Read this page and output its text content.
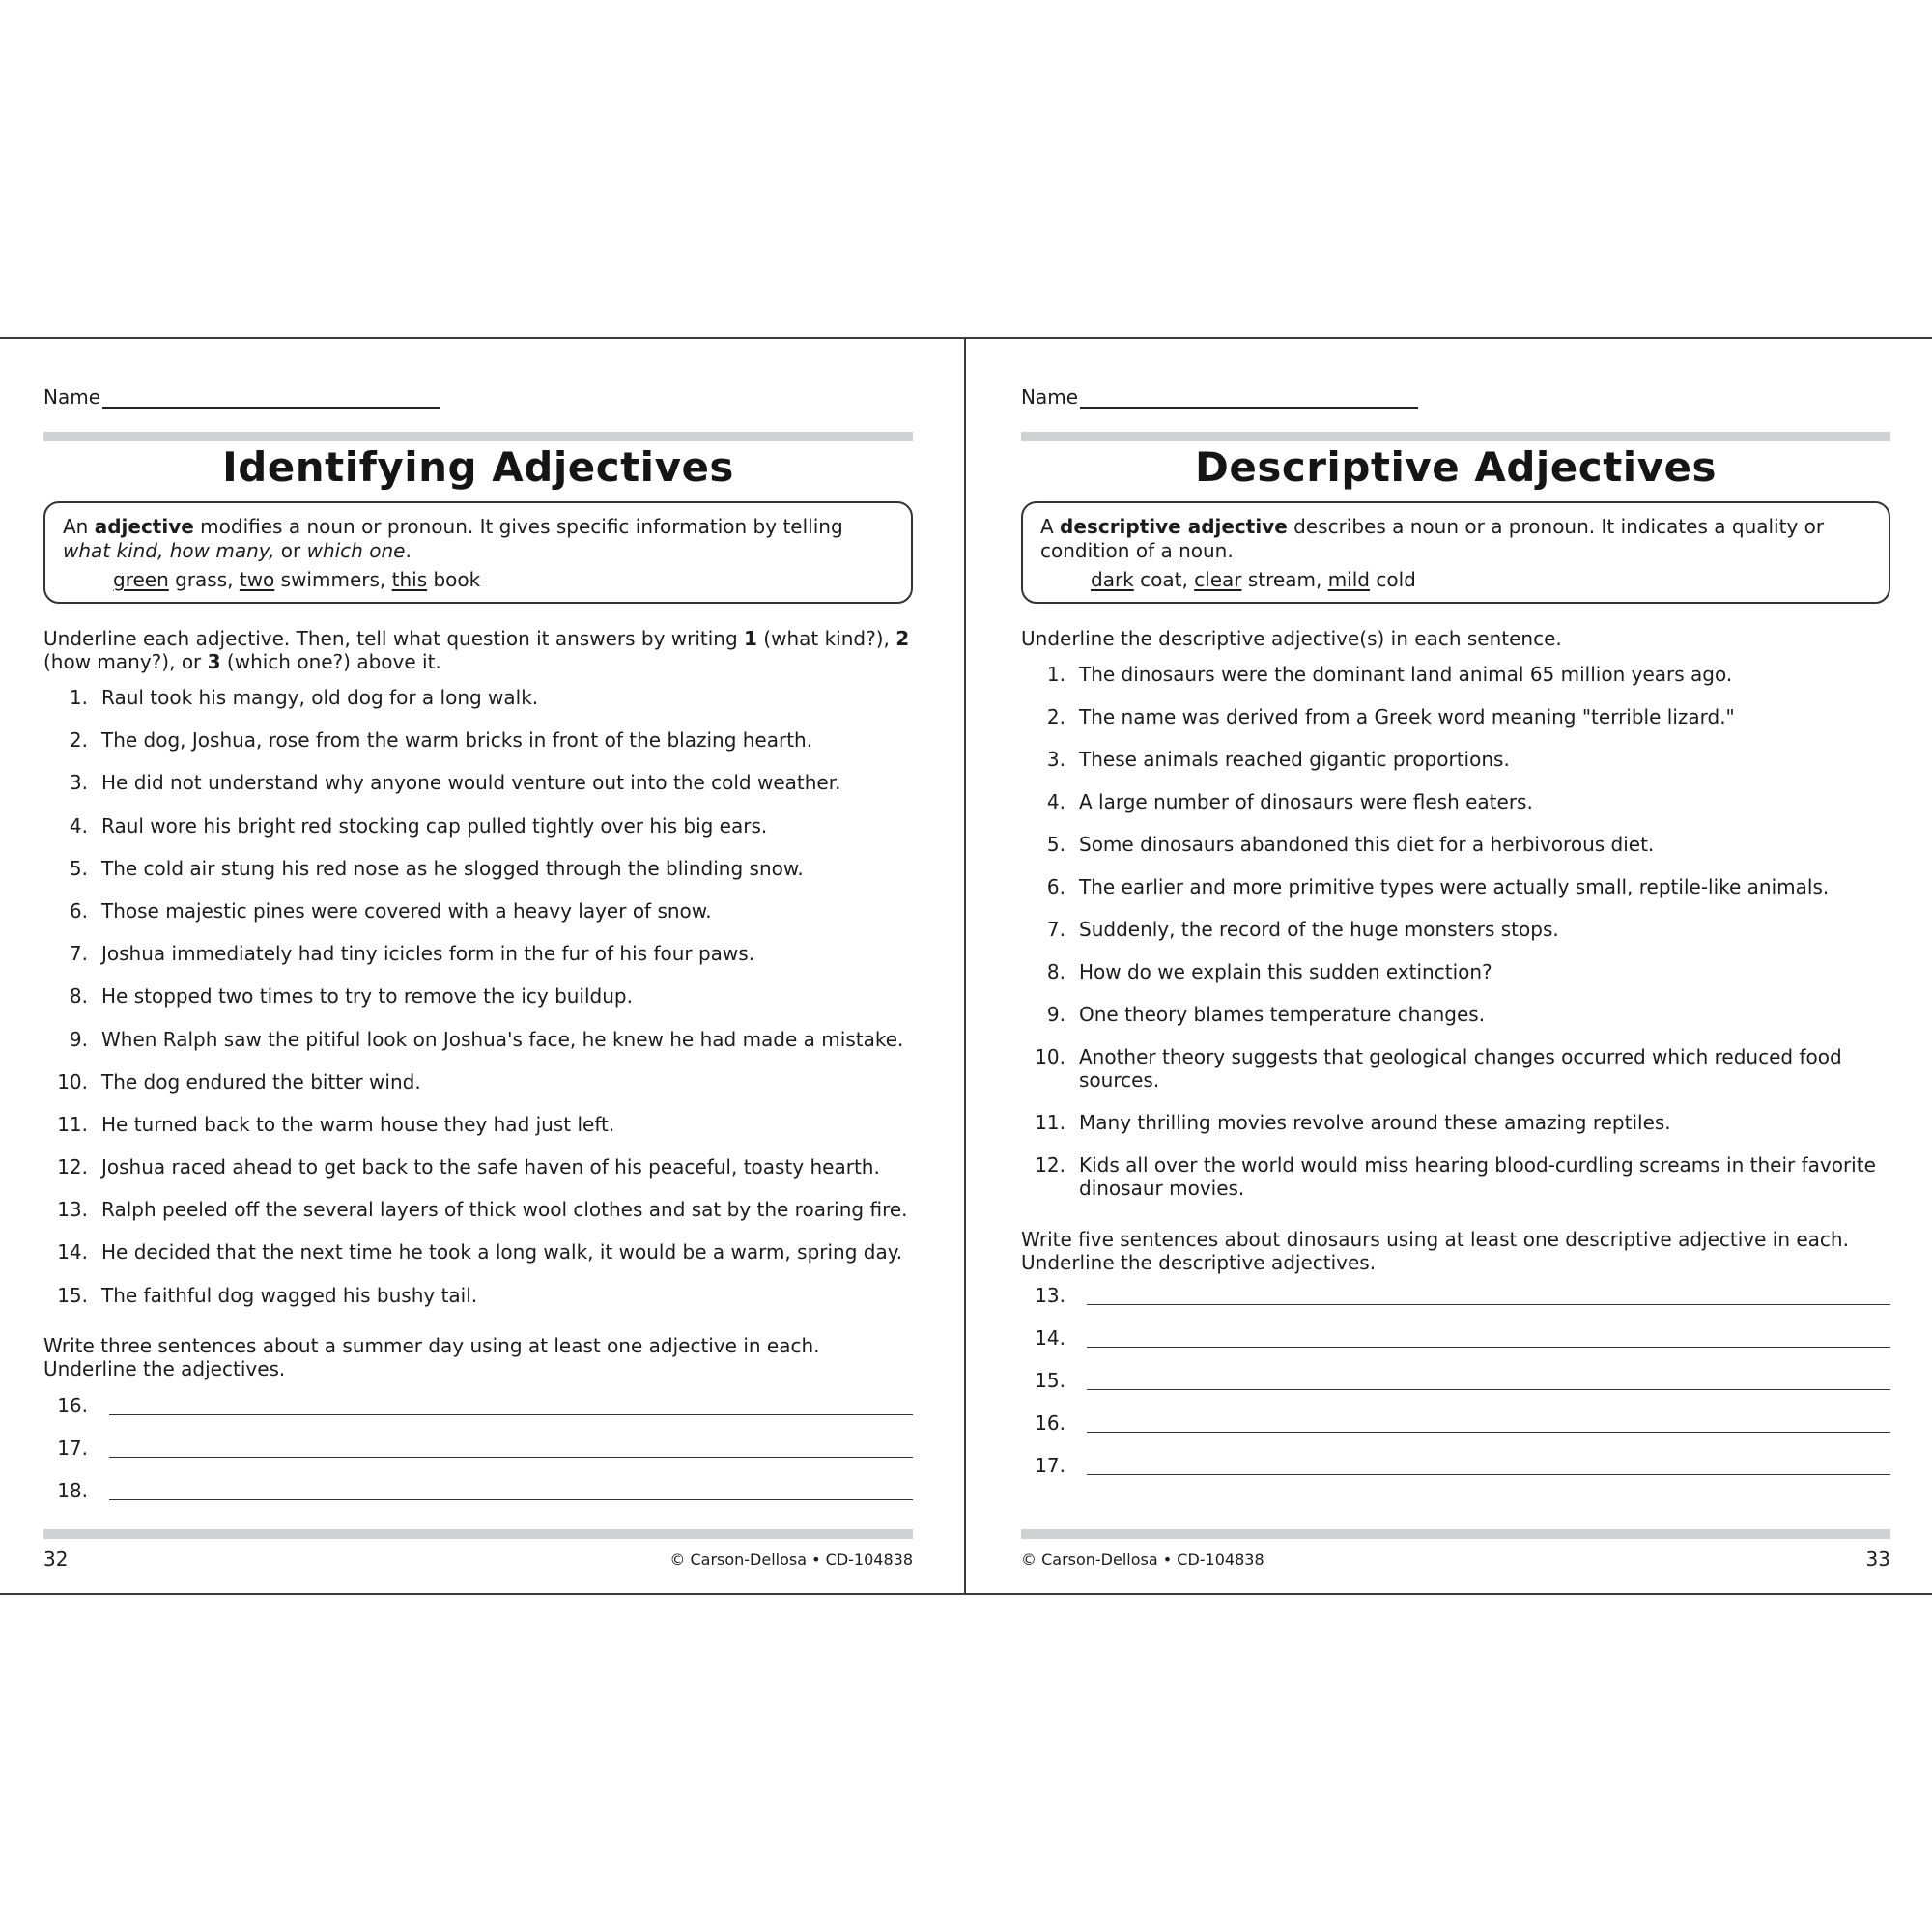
Name
Identifying Adjectives
An adjective modifies a noun or pronoun. It gives specific information by telling what kind, how many, or which one.
green grass, two swimmers, this book
Underline each adjective. Then, tell what question it answers by writing 1 (what kind?), 2 (how many?), or 3 (which one?) above it.
1. Raul took his mangy, old dog for a long walk.
2. The dog, Joshua, rose from the warm bricks in front of the blazing hearth.
3. He did not understand why anyone would venture out into the cold weather.
4. Raul wore his bright red stocking cap pulled tightly over his big ears.
5. The cold air stung his red nose as he slogged through the blinding snow.
6. Those majestic pines were covered with a heavy layer of snow.
7. Joshua immediately had tiny icicles form in the fur of his four paws.
8. He stopped two times to try to remove the icy buildup.
9. When Ralph saw the pitiful look on Joshua's face, he knew he had made a mistake.
10. The dog endured the bitter wind.
11. He turned back to the warm house they had just left.
12. Joshua raced ahead to get back to the safe haven of his peaceful, toasty hearth.
13. Ralph peeled off the several layers of thick wool clothes and sat by the roaring fire.
14. He decided that the next time he took a long walk, it would be a warm, spring day.
15. The faithful dog wagged his bushy tail.
Write three sentences about a summer day using at least one adjective in each. Underline the adjectives.
16.
17.
18.
32	© Carson-Dellosa • CD-104838
Name
Descriptive Adjectives
A descriptive adjective describes a noun or a pronoun. It indicates a quality or condition of a noun.
dark coat, clear stream, mild cold
Underline the descriptive adjective(s) in each sentence.
1. The dinosaurs were the dominant land animal 65 million years ago.
2. The name was derived from a Greek word meaning "terrible lizard."
3. These animals reached gigantic proportions.
4. A large number of dinosaurs were flesh eaters.
5. Some dinosaurs abandoned this diet for a herbivorous diet.
6. The earlier and more primitive types were actually small, reptile-like animals.
7. Suddenly, the record of the huge monsters stops.
8. How do we explain this sudden extinction?
9. One theory blames temperature changes.
10. Another theory suggests that geological changes occurred which reduced food sources.
11. Many thrilling movies revolve around these amazing reptiles.
12. Kids all over the world would miss hearing blood-curdling screams in their favorite dinosaur movies.
Write five sentences about dinosaurs using at least one descriptive adjective in each. Underline the descriptive adjectives.
13.
14.
15.
16.
17.
© Carson-Dellosa • CD-104838	33
